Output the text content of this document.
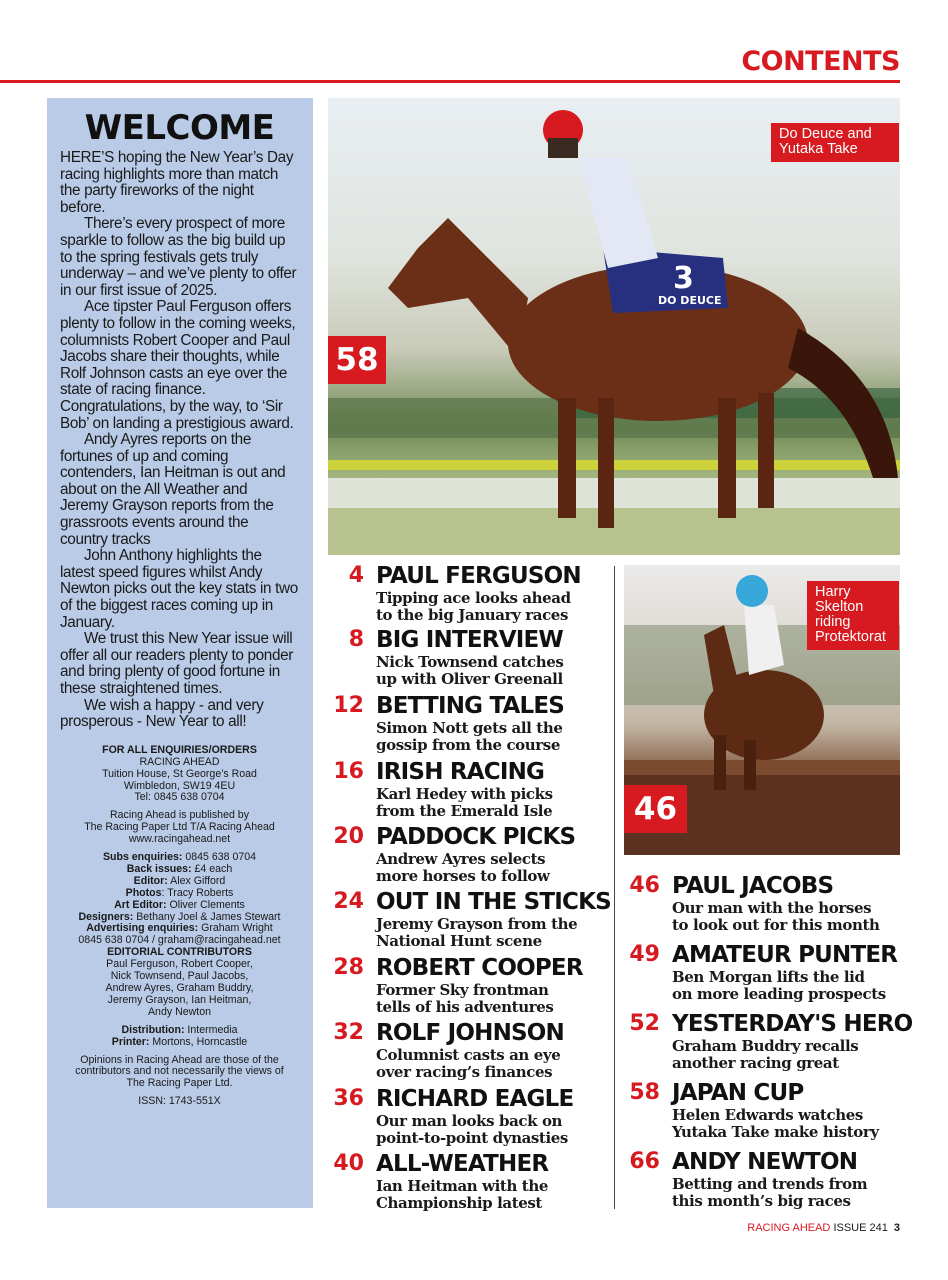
CONTENTS
WELCOME

HERE’S hoping the New Year’s Day racing highlights more than match the party fireworks of the night before.

There’s every prospect of more sparkle to follow as the big build up to the spring festivals gets truly underway – and we’ve plenty to offer in our first issue of 2025.

Ace tipster Paul Ferguson offers plenty to follow in the coming weeks, columnists Robert Cooper and Paul Jacobs share their thoughts, while Rolf Johnson casts an eye over the state of racing finance. Congratulations, by the way, to ‘Sir Bob’ on landing a prestigious award.

Andy Ayres reports on the fortunes of up and coming contenders, Ian Heitman is out and about on the All Weather and Jeremy Grayson reports from the grassroots events around the country tracks

John Anthony highlights the latest speed figures whilst Andy Newton picks out the key stats in two of the biggest races coming up in January.

We trust this New Year issue will offer all our readers plenty to ponder and bring plenty of good fortune in these straightened times.

We wish a happy - and very prosperous - New Year to all!

FOR ALL ENQUIRIES/ORDERS
RACING AHEAD
Tuition House, St George’s Road
Wimbledon, SW19 4EU
Tel: 0845 638 0704
Racing Ahead is published by
The Racing Paper Ltd T/A Racing Ahead
www.racingahead.net
Subs enquiries: 0845 638 0704
Back issues: £4 each
Editor: Alex Gifford
Photos: Tracy Roberts
Art Editor: Oliver Clements
Designers: Bethany Joel & James Stewart
Advertising enquiries: Graham Wright
0845 638 0704 / graham@racingahead.net
EDITORIAL CONTRIBUTORS
Paul Ferguson, Robert Cooper,
Nick Townsend, Paul Jacobs,
Andrew Ayres, Graham Buddry,
Jeremy Grayson, Ian Heitman,
Andy Newton
Distribution: Intermedia
Printer: Mortons, Horncastle
Opinions in Racing Ahead are those of the
contributors and not necessarily the views of
The Racing Paper Ltd.
ISSN: 1743-551X
3
DO DEUCE
Do Deuce and
Yutaka Take
58
Harry
Skelton
riding
Protektorat
46
4 PAUL FERGUSON
Tipping ace looks ahead
to the big January races
8 BIG INTERVIEW
Nick Townsend catches
up with Oliver Greenall
12 BETTING TALES
Simon Nott gets all the
gossip from the course
16 IRISH RACING
Karl Hedey with picks
from the Emerald Isle
20 PADDOCK PICKS
Andrew Ayres selects
more horses to follow
24 OUT IN THE STICKS
Jeremy Grayson from the
National Hunt scene
28 ROBERT COOPER
Former Sky frontman
tells of his adventures
32 ROLF JOHNSON
Columnist casts an eye
over racing’s finances
36 RICHARD EAGLE
Our man looks back on
point-to-point dynasties
40 ALL-WEATHER
Ian Heitman with the
Championship latest
46 PAUL JACOBS
Our man with the horses
to look out for this month
49 AMATEUR PUNTER
Ben Morgan lifts the lid
on more leading prospects
52 YESTERDAY'S HERO
Graham Buddry recalls
another racing great
58 JAPAN CUP
Helen Edwards watches
Yutaka Take make history
66 ANDY NEWTON
Betting and trends from
this month’s big races
RACING AHEAD ISSUE 241 3
